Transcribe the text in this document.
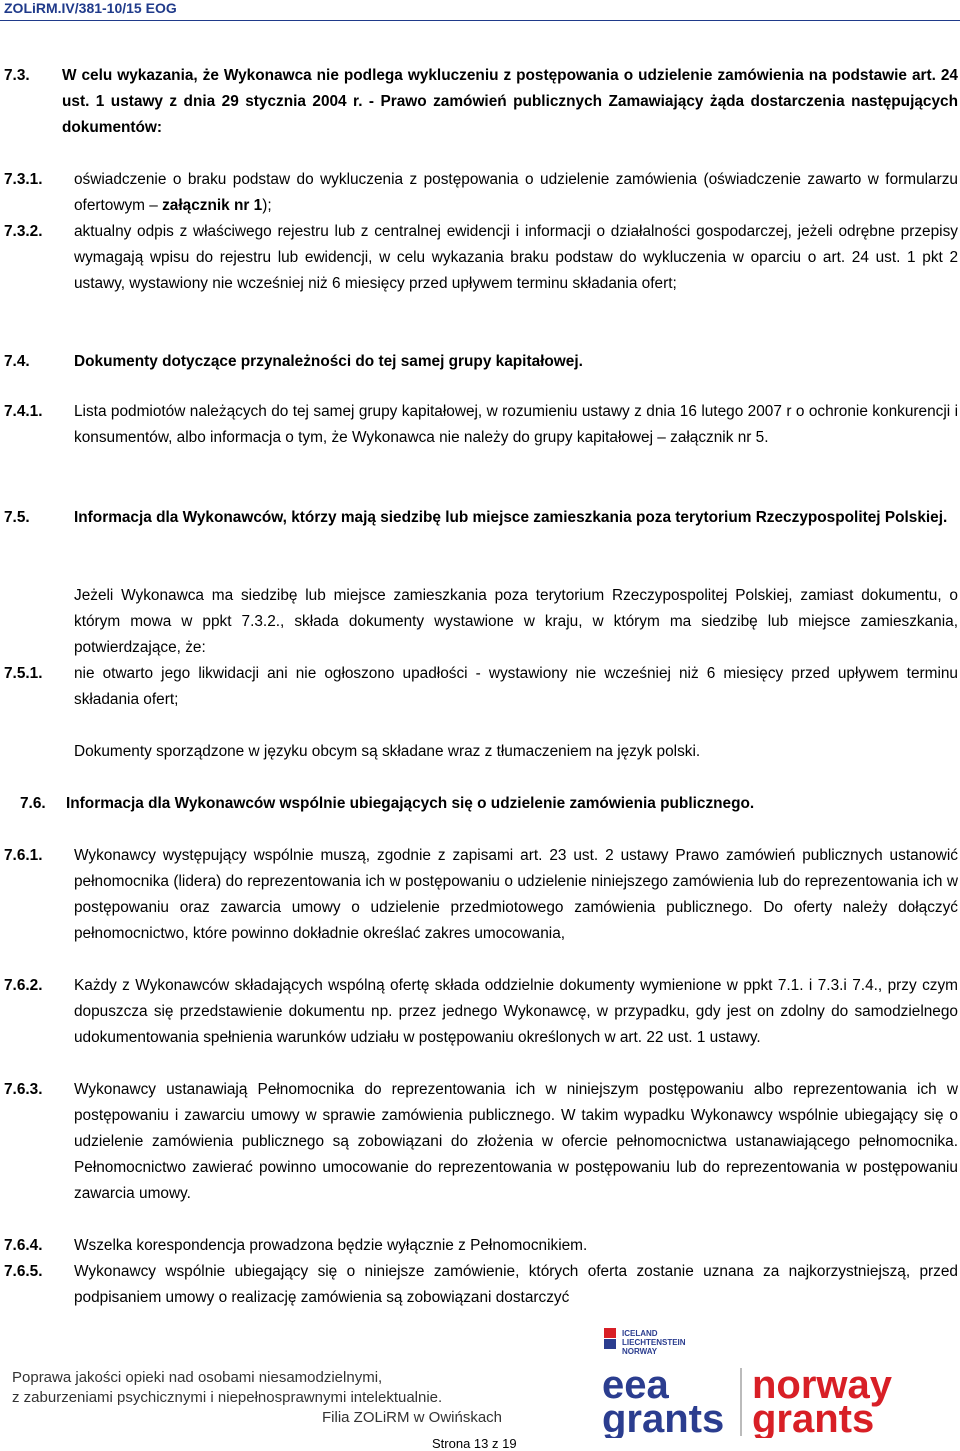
ZOLiRM.IV/381-10/15 EOG
7.3. W celu wykazania, że Wykonawca nie podlega wykluczeniu z postępowania o udzielenie zamówienia na podstawie art. 24 ust. 1 ustawy z dnia 29 stycznia 2004 r. - Prawo zamówień publicznych Zamawiający żąda dostarczenia następujących dokumentów:
7.3.1. oświadczenie o braku podstaw do wykluczenia z postępowania o udzielenie zamówienia (oświadczenie zawarto w formularzu ofertowym – załącznik nr 1);
7.3.2. aktualny odpis z właściwego rejestru lub z centralnej ewidencji i informacji o działalności gospodarczej, jeżeli odrębne przepisy wymagają wpisu do rejestru lub ewidencji, w celu wykazania braku podstaw do wykluczenia w oparciu o art. 24 ust. 1 pkt 2 ustawy, wystawiony nie wcześniej niż 6 miesięcy przed upływem terminu składania ofert;
7.4.	Dokumenty dotyczące przynależności do tej samej grupy kapitałowej.
7.4.1. Lista podmiotów należących do tej samej grupy kapitałowej, w rozumieniu ustawy z dnia 16 lutego 2007 r o ochronie konkurencji i konsumentów, albo informacja o tym, że Wykonawca nie należy do grupy kapitałowej – załącznik nr 5.
7.5.	Informacja dla Wykonawców, którzy mają siedzibę lub miejsce zamieszkania poza terytorium Rzeczypospolitej Polskiej.
Jeżeli Wykonawca ma siedzibę lub miejsce zamieszkania poza terytorium Rzeczypospolitej Polskiej, zamiast dokumentu, o którym mowa w ppkt 7.3.2., składa dokumenty wystawione w kraju, w którym ma siedzibę lub miejsce zamieszkania, potwierdzające, że:
7.5.1. nie otwarto jego likwidacji ani nie ogłoszono upadłości - wystawiony nie wcześniej niż 6 miesięcy przed upływem terminu składania ofert;
Dokumenty sporządzone w języku obcym są składane wraz z tłumaczeniem na język polski.
7.6. Informacja dla Wykonawców wspólnie ubiegających się o udzielenie zamówienia publicznego.
7.6.1. Wykonawcy występujący wspólnie muszą, zgodnie z zapisami art. 23 ust. 2 ustawy Prawo zamówień publicznych ustanowić pełnomocnika (lidera) do reprezentowania ich w postępowaniu o udzielenie niniejszego zamówienia lub do reprezentowania ich w postępowaniu oraz zawarcia umowy o udzielenie przedmiotowego zamówienia publicznego. Do oferty należy dołączyć pełnomocnictwo, które powinno dokładnie określać zakres umocowania,
7.6.2. Każdy z Wykonawców składających wspólną ofertę składa oddzielnie dokumenty wymienione w ppkt 7.1. i 7.3.i 7.4., przy czym dopuszcza się przedstawienie dokumentu np. przez jednego Wykonawcę, w przypadku, gdy jest on zdolny do samodzielnego udokumentowania spełnienia warunków udziału w postępowaniu określonych w art. 22 ust. 1 ustawy.
7.6.3. Wykonawcy ustanawiają Pełnomocnika do reprezentowania ich w niniejszym postępowaniu albo reprezentowania ich w postępowaniu i zawarciu umowy w sprawie zamówienia publicznego. W takim wypadku Wykonawcy wspólnie ubiegający się o udzielenie zamówienia publicznego są zobowiązani do złożenia w ofercie pełnomocnictwa ustanawiającego pełnomocnika. Pełnomocnictwo zawierać powinno umocowanie do reprezentowania w postępowaniu lub do reprezentowania w postępowaniu zawarcia umowy.
7.6.4. Wszelka korespondencja prowadzona będzie wyłącznie z Pełnomocnikiem.
7.6.5. Wykonawcy wspólnie ubiegający się o niniejsze zamówienie, których oferta zostanie uznana za najkorzystniejszą, przed podpisaniem umowy o realizację zamówienia są zobowiązani dostarczyć
Poprawa jakości opieki nad osobami niesamodzielnymi,
z zaburzeniami psychicznymi i niepełnosprawnymi intelektualnie.
Filia ZOLiRM w Owińskach
ICELAND
LIECHTENSTEIN
NORWAY
eea
grants
norway
grants
Strona 13 z 19
